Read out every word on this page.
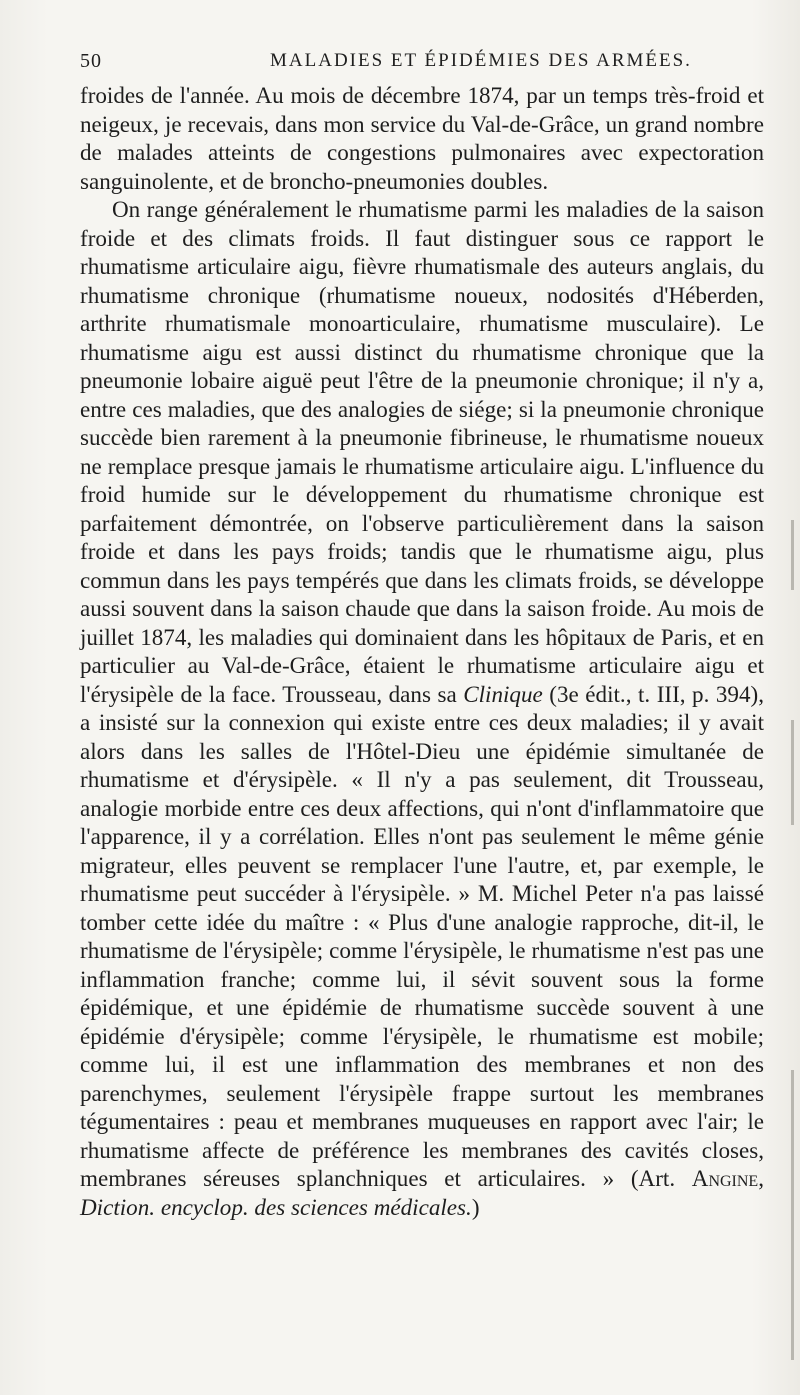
50	MALADIES ET ÉPIDÉMIES DES ARMÉES.

froides de l'année. Au mois de décembre 1874, par un temps très-froid et neigeux, je recevais, dans mon service du Val-de-Grâce, un grand nombre de malades atteints de congestions pulmonaires avec expectoration sanguinolente, et de broncho-pneumonies doubles.

On range généralement le rhumatisme parmi les maladies de la saison froide et des climats froids. Il faut distinguer sous ce rapport le rhumatisme articulaire aigu, fièvre rhumatismale des auteurs anglais, du rhumatisme chronique (rhumatisme noueux, nodosités d'Héberden, arthrite rhumatismale monoarticulaire, rhumatisme musculaire). Le rhumatisme aigu est aussi distinct du rhumatisme chronique que la pneumonie lobaire aiguë peut l'être de la pneumonie chronique; il n'y a, entre ces maladies, que des analogies de siége; si la pneumonie chronique succède bien rarement à la pneumonie fibrineuse, le rhumatisme noueux ne remplace presque jamais le rhumatisme articulaire aigu. L'influence du froid humide sur le développement du rhumatisme chronique est parfaitement démontrée, on l'observe particulièrement dans la saison froide et dans les pays froids; tandis que le rhumatisme aigu, plus commun dans les pays tempérés que dans les climats froids, se développe aussi souvent dans la saison chaude que dans la saison froide. Au mois de juillet 1874, les maladies qui dominaient dans les hôpitaux de Paris, et en particulier au Val-de-Grâce, étaient le rhumatisme articulaire aigu et l'érysipèle de la face. Trousseau, dans sa Clinique (3e édit., t. III, p. 394), a insisté sur la connexion qui existe entre ces deux maladies; il y avait alors dans les salles de l'Hôtel-Dieu une épidémie simultanée de rhumatisme et d'érysipèle. « Il n'y a pas seulement, dit Trousseau, analogie morbide entre ces deux affections, qui n'ont d'inflammatoire que l'apparence, il y a corrélation. Elles n'ont pas seulement le même génie migrateur, elles peuvent se remplacer l'une l'autre, et, par exemple, le rhumatisme peut succéder à l'érysipèle. » M. Michel Peter n'a pas laissé tomber cette idée du maître : « Plus d'une analogie rapproche, dit-il, le rhumatisme de l'érysipèle; comme l'érysipèle, le rhumatisme n'est pas une inflammation franche; comme lui, il sévit souvent sous la forme épidémique, et une épidémie de rhumatisme succède souvent à une épidémie d'érysipèle; comme l'érysipèle, le rhumatisme est mobile; comme lui, il est une inflammation des membranes et non des parenchymes, seulement l'érysipèle frappe surtout les membranes tégumentaires : peau et membranes muqueuses en rapport avec l'air; le rhumatisme affecte de préférence les membranes des cavités closes, membranes séreuses splanchniques et articulaires. » (Art. Angine, Diction. encyclop. des sciences médicales.)
